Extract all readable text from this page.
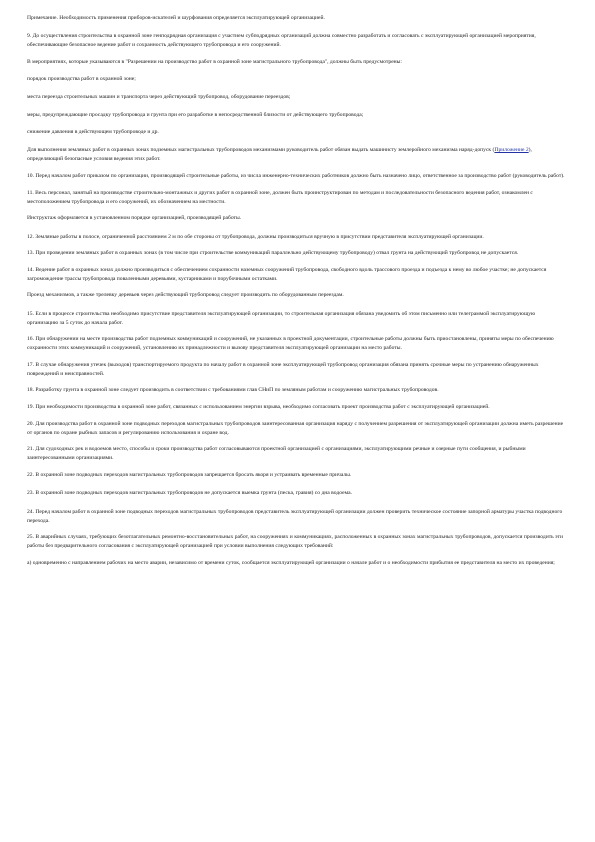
Примечание. Необходимость применения приборов-искателей и шурфования определяется эксплуатирующей организацией.

9. До осуществления строительства в охранной зоне генподрядная организация с участием субподрядных организаций должна совместно разработать и согласовать с эксплуатирующей организацией мероприятия, обеспечивающие безопасное ведение работ и сохранность действующего трубопровода и его сооружений.

В мероприятиях, которые указываются в "Разрешении на производство работ в охранной зоне магистрального трубопровода", должны быть предусмотрены:

порядок производства работ в охранной зоне;

места переезда строительных машин и транспорта через действующий трубопровод, оборудование переездов;

меры, предупреждающие просадку трубопровода и грунта при его разработке в непосредственной близости от действующего трубопровода;

снижение давления в действующем трубопроводе и др.

Для выполнения земляных работ в охранных зонах подземных магистральных трубопроводов механизмами руководитель работ обязан выдать машинисту землеройного механизма наряд-допуск (Приложение 2), определяющий безопасные условия ведения этих работ.

10. Перед началом работ приказом по организации, производящей строительные работы, из числа инженерно-технических работников должно быть назначено лицо, ответственное за производство работ (руководитель работ).

11. Весь персонал, занятый на производстве строительно-монтажных и других работ в охранной зоне, должен быть проинструктирован по методам и последовательности безопасного ведения работ, ознакомлен с местоположением трубопровода и его сооружений, их обозначением на местности.

Инструктаж оформляется в установленном порядке организацией, производящей работы.

12. Земляные работы в полосе, ограниченной расстоянием 2 м по обе стороны от трубопровода, должны производиться вручную в присутствии представителя эксплуатирующей организации.

13. При проведении земляных работ в охранных зонах (в том числе при строительстве коммуникаций параллельно действующему трубопроводу) отвал грунта на действующий трубопровод не допускается.

14. Ведение работ в охранных зонах должно производиться с обеспечением сохранности наземных сооружений трубопровода, свободного вдоль трассового проезда и подъезда к нему во любое участке; не допускается загромождение трассы трубопровода поваленными деревьями, кустарниками и порубочными остатками.

Проезд механизмов, а также трелевку деревьев через действующий трубопровод следует производить по оборудованным переездам.

15. Если в процессе строительства необходимо присутствие представителя эксплуатирующей организации, то строительная организация обязана уведомить об этом письменно или телеграммой эксплуатирующую организацию за 5 суток до начала работ.

16. При обнаружении на месте производства работ подземных коммуникаций и сооружений, не указанных в проектной документации, строительные работы должны быть приостановлены, приняты меры по обеспечению сохранности этих коммуникаций и сооружений, установлению их принадлежности и вызову представителя эксплуатирующей организации на место работы.

17. В случае обнаружения утечек (выходов) транспортируемого продукта по началу работ в охранной зоне эксплуатирующей трубопровод организация обязана принять срочные меры по устранению обнаруженных повреждений и неисправностей.

18. Разработку грунта в охранной зоне следует производить в соответствии с требованиями глав СНиП по земляным работам и сооружению магистральных трубопроводов.

19. При необходимости производства в охранной зоне работ, связанных с использованием энергии взрыва, необходимо согласовать проект производства работ с эксплуатирующей организацией.

20. Для производства работ в охранной зоне подводных переходов магистральных трубопроводов заинтересованная организация наряду с получением разрешения от эксплуатирующей организации должна иметь разрешение от органов по охране рыбных запасов и регулированию использования и охране вод.

21. Для судоходных рек и водоемов место, способы и сроки производства работ согласовываются проектной организацией с организациями, эксплуатирующими речные и озерные пути сообщения, и рыбными заинтересованными организациями.

22. В охранной зоне подводных переходов магистральных трубопроводов запрещается бросать якоря и устраивать временные причалы.

23. В охранной зоне подводных переходов магистральных трубопроводов не допускается выемка грунта (песка, гравия) со дна водоема.

24. Перед началом работ в охранной зоне подводных переходов магистральных трубопроводов представитель эксплуатирующей организации должен проверить техническое состояние запорной арматуры участка подводного перехода.

25. В аварийных случаях, требующих безотлагательных ремонтно-восстановительных работ, на сооружениях и коммуникациях, расположенных в охранных зонах магистральных трубопроводов, допускается производить эти работы без предварительного согласования с эксплуатирующей организацией при условии выполнения следующих требований:

а) одновременно с направлением рабочих на место аварии, независимо от времени суток, сообщается эксплуатирующей организации о начале работ и о необходимости прибытия ее представителя на место их проведения;
